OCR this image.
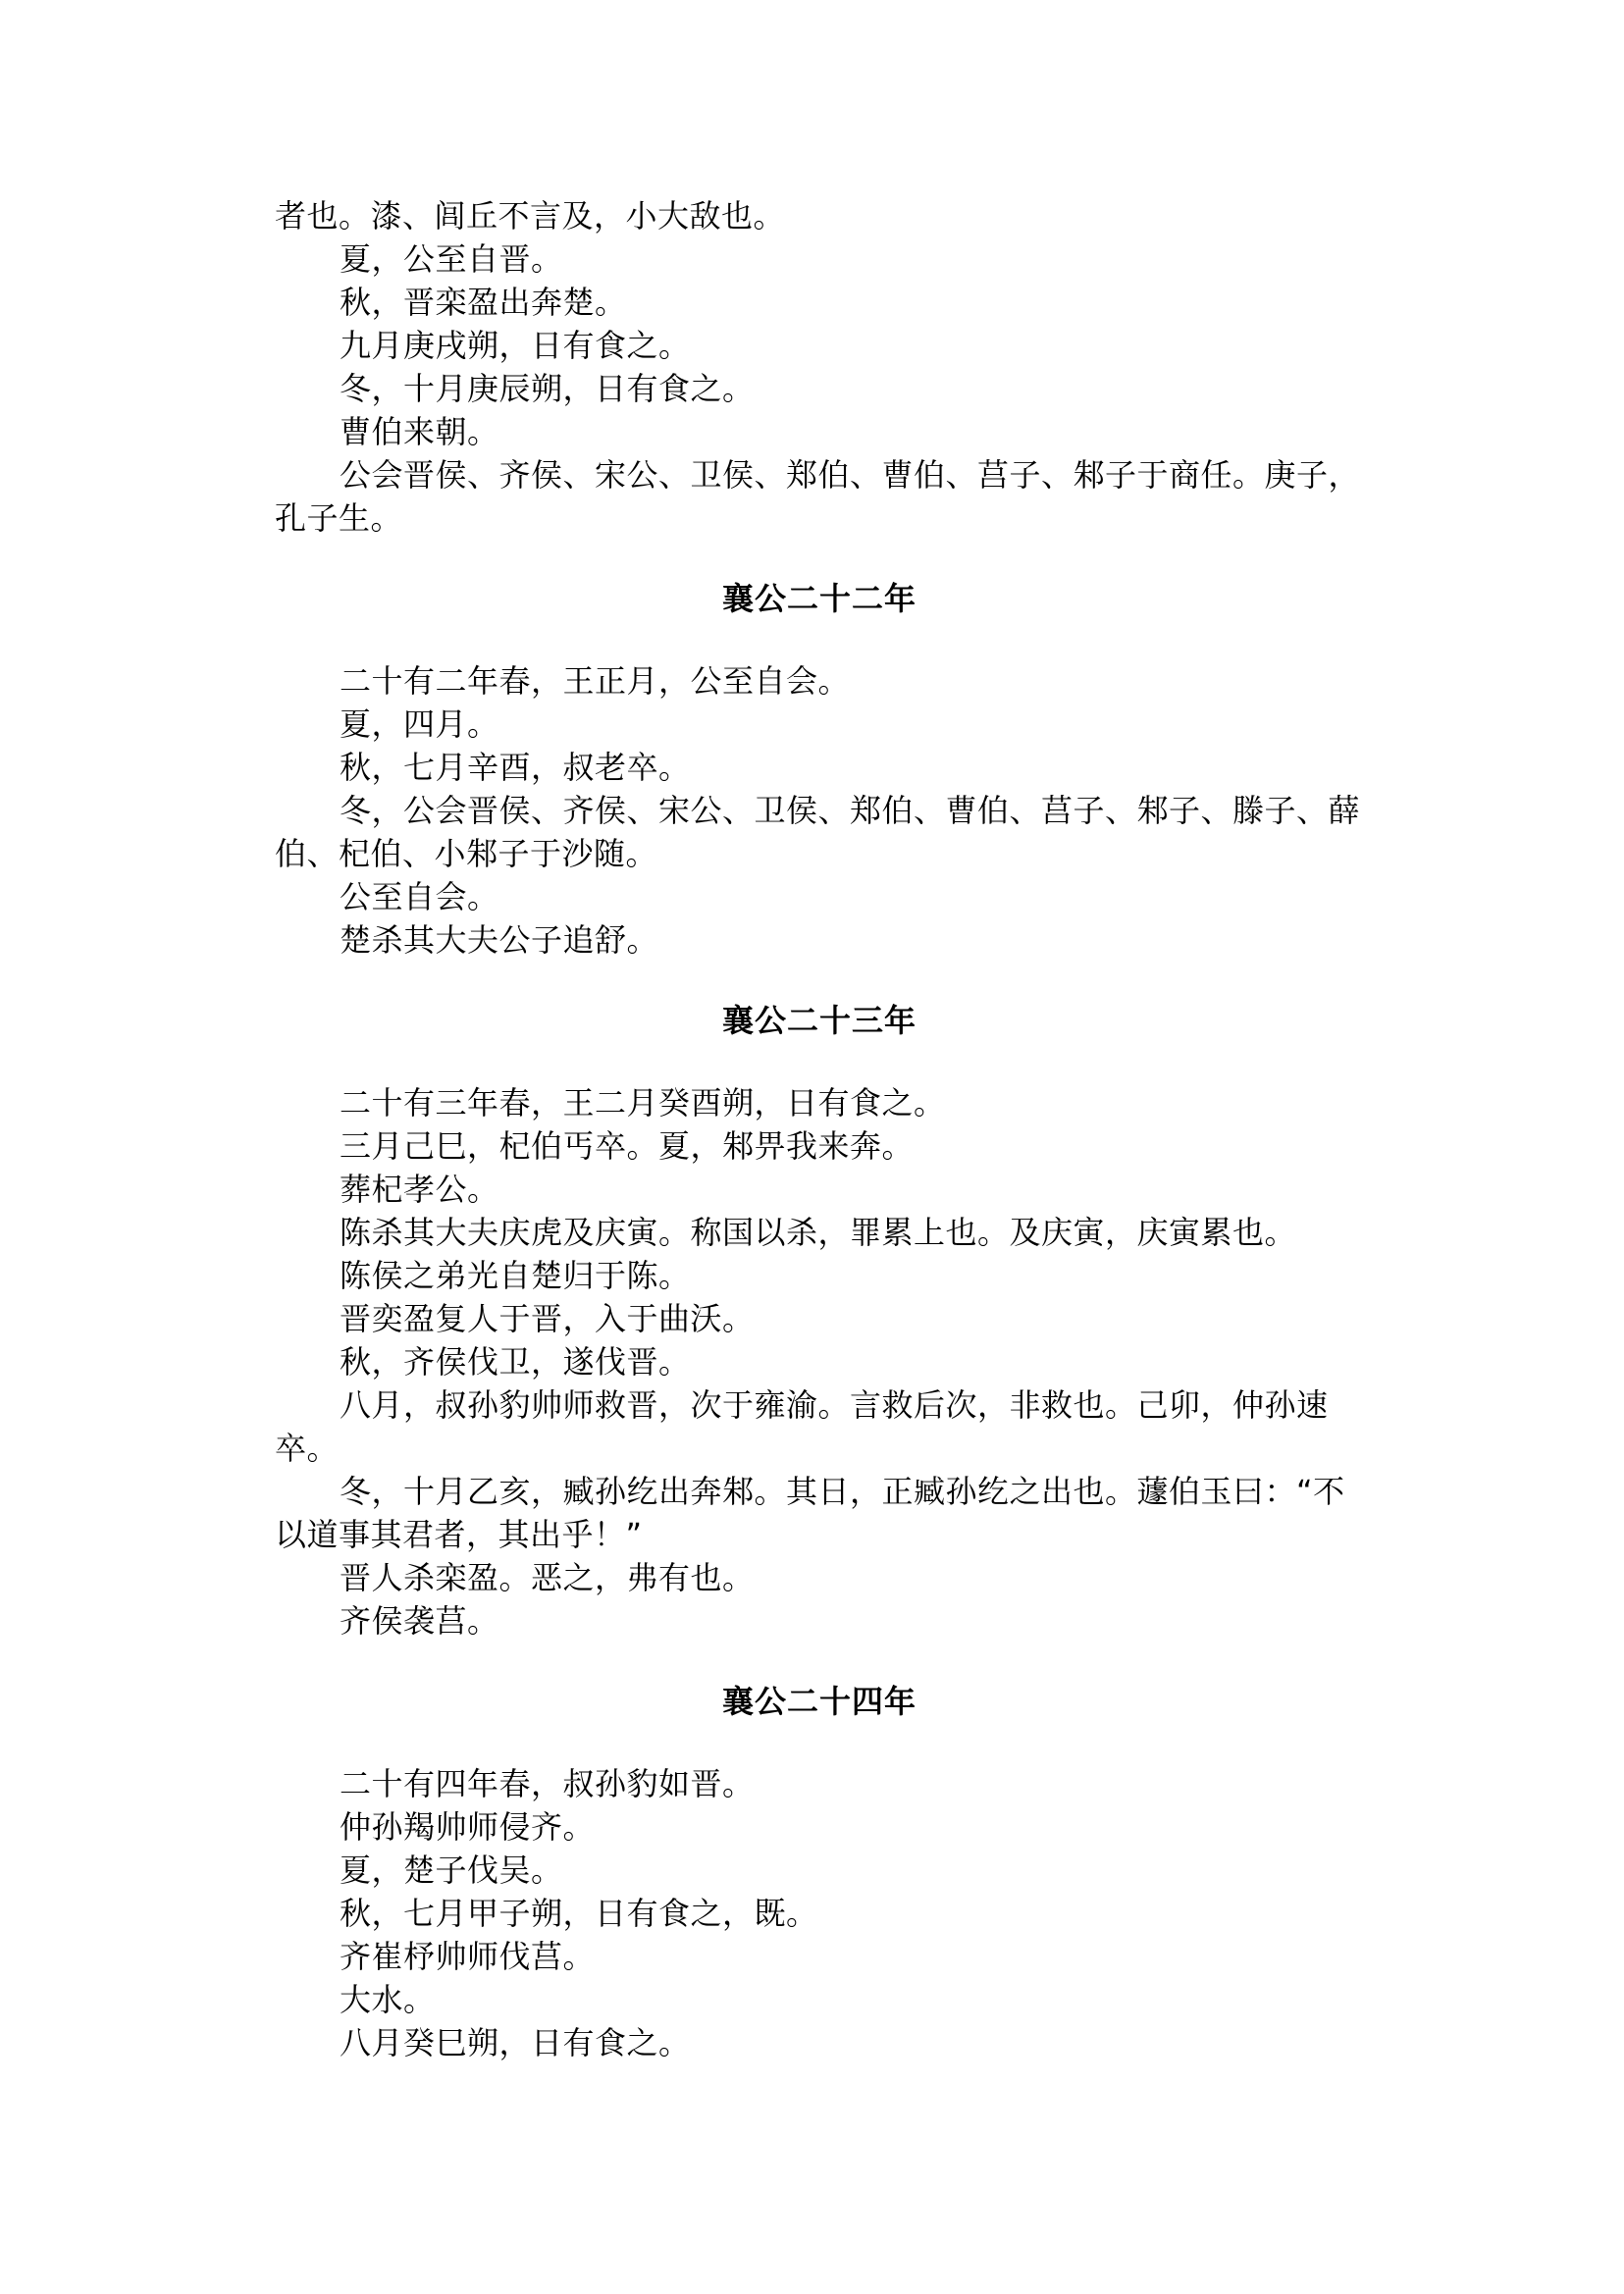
者也。漆、闾丘不言及，小大敌也。

夏，公至自晋。

秋，晋栾盈出奔楚。

九月庚戌朔，日有食之。

冬，十月庚辰朔，日有食之。

曹伯来朝。

公会晋侯、齐侯、宋公、卫侯、郑伯、曹伯、莒子、邾子于商任。庚子，孔子生。

襄公二十二年

二十有二年春，王正月，公至自会。

夏，四月。

秋，七月辛酉，叔老卒。

冬，公会晋侯、齐侯、宋公、卫侯、郑伯、曹伯、莒子、邾子、滕子、薛伯、杞伯、小邾子于沙随。

公至自会。

楚杀其大夫公子追舒。

襄公二十三年

二十有三年春，王二月癸酉朔，日有食之。

三月己巳，杞伯丐卒。夏，邾畀我来奔。

葬杞孝公。

陈杀其大夫庆虎及庆寅。称国以杀，罪累上也。及庆寅，庆寅累也。

陈侯之弟光自楚归于陈。

晋奕盈复人于晋，入于曲沃。

秋，齐侯伐卫，遂伐晋。

八月，叔孙豹帅师救晋，次于雍渝。言救后次，非救也。己卯，仲孙速卒。

冬，十月乙亥，臧孙纥出奔邾。其日，正臧孙纥之出也。蘧伯玉曰：“不以道事其君者，其出乎！”

晋人杀栾盈。恶之，弗有也。

齐侯袭莒。

襄公二十四年

二十有四年春，叔孙豹如晋。

仲孙羯帅师侵齐。

夏，楚子伐吴。

秋，七月甲子朔，日有食之，既。

齐崔杼帅师伐莒。

大水。

八月癸巳朔，日有食之。
